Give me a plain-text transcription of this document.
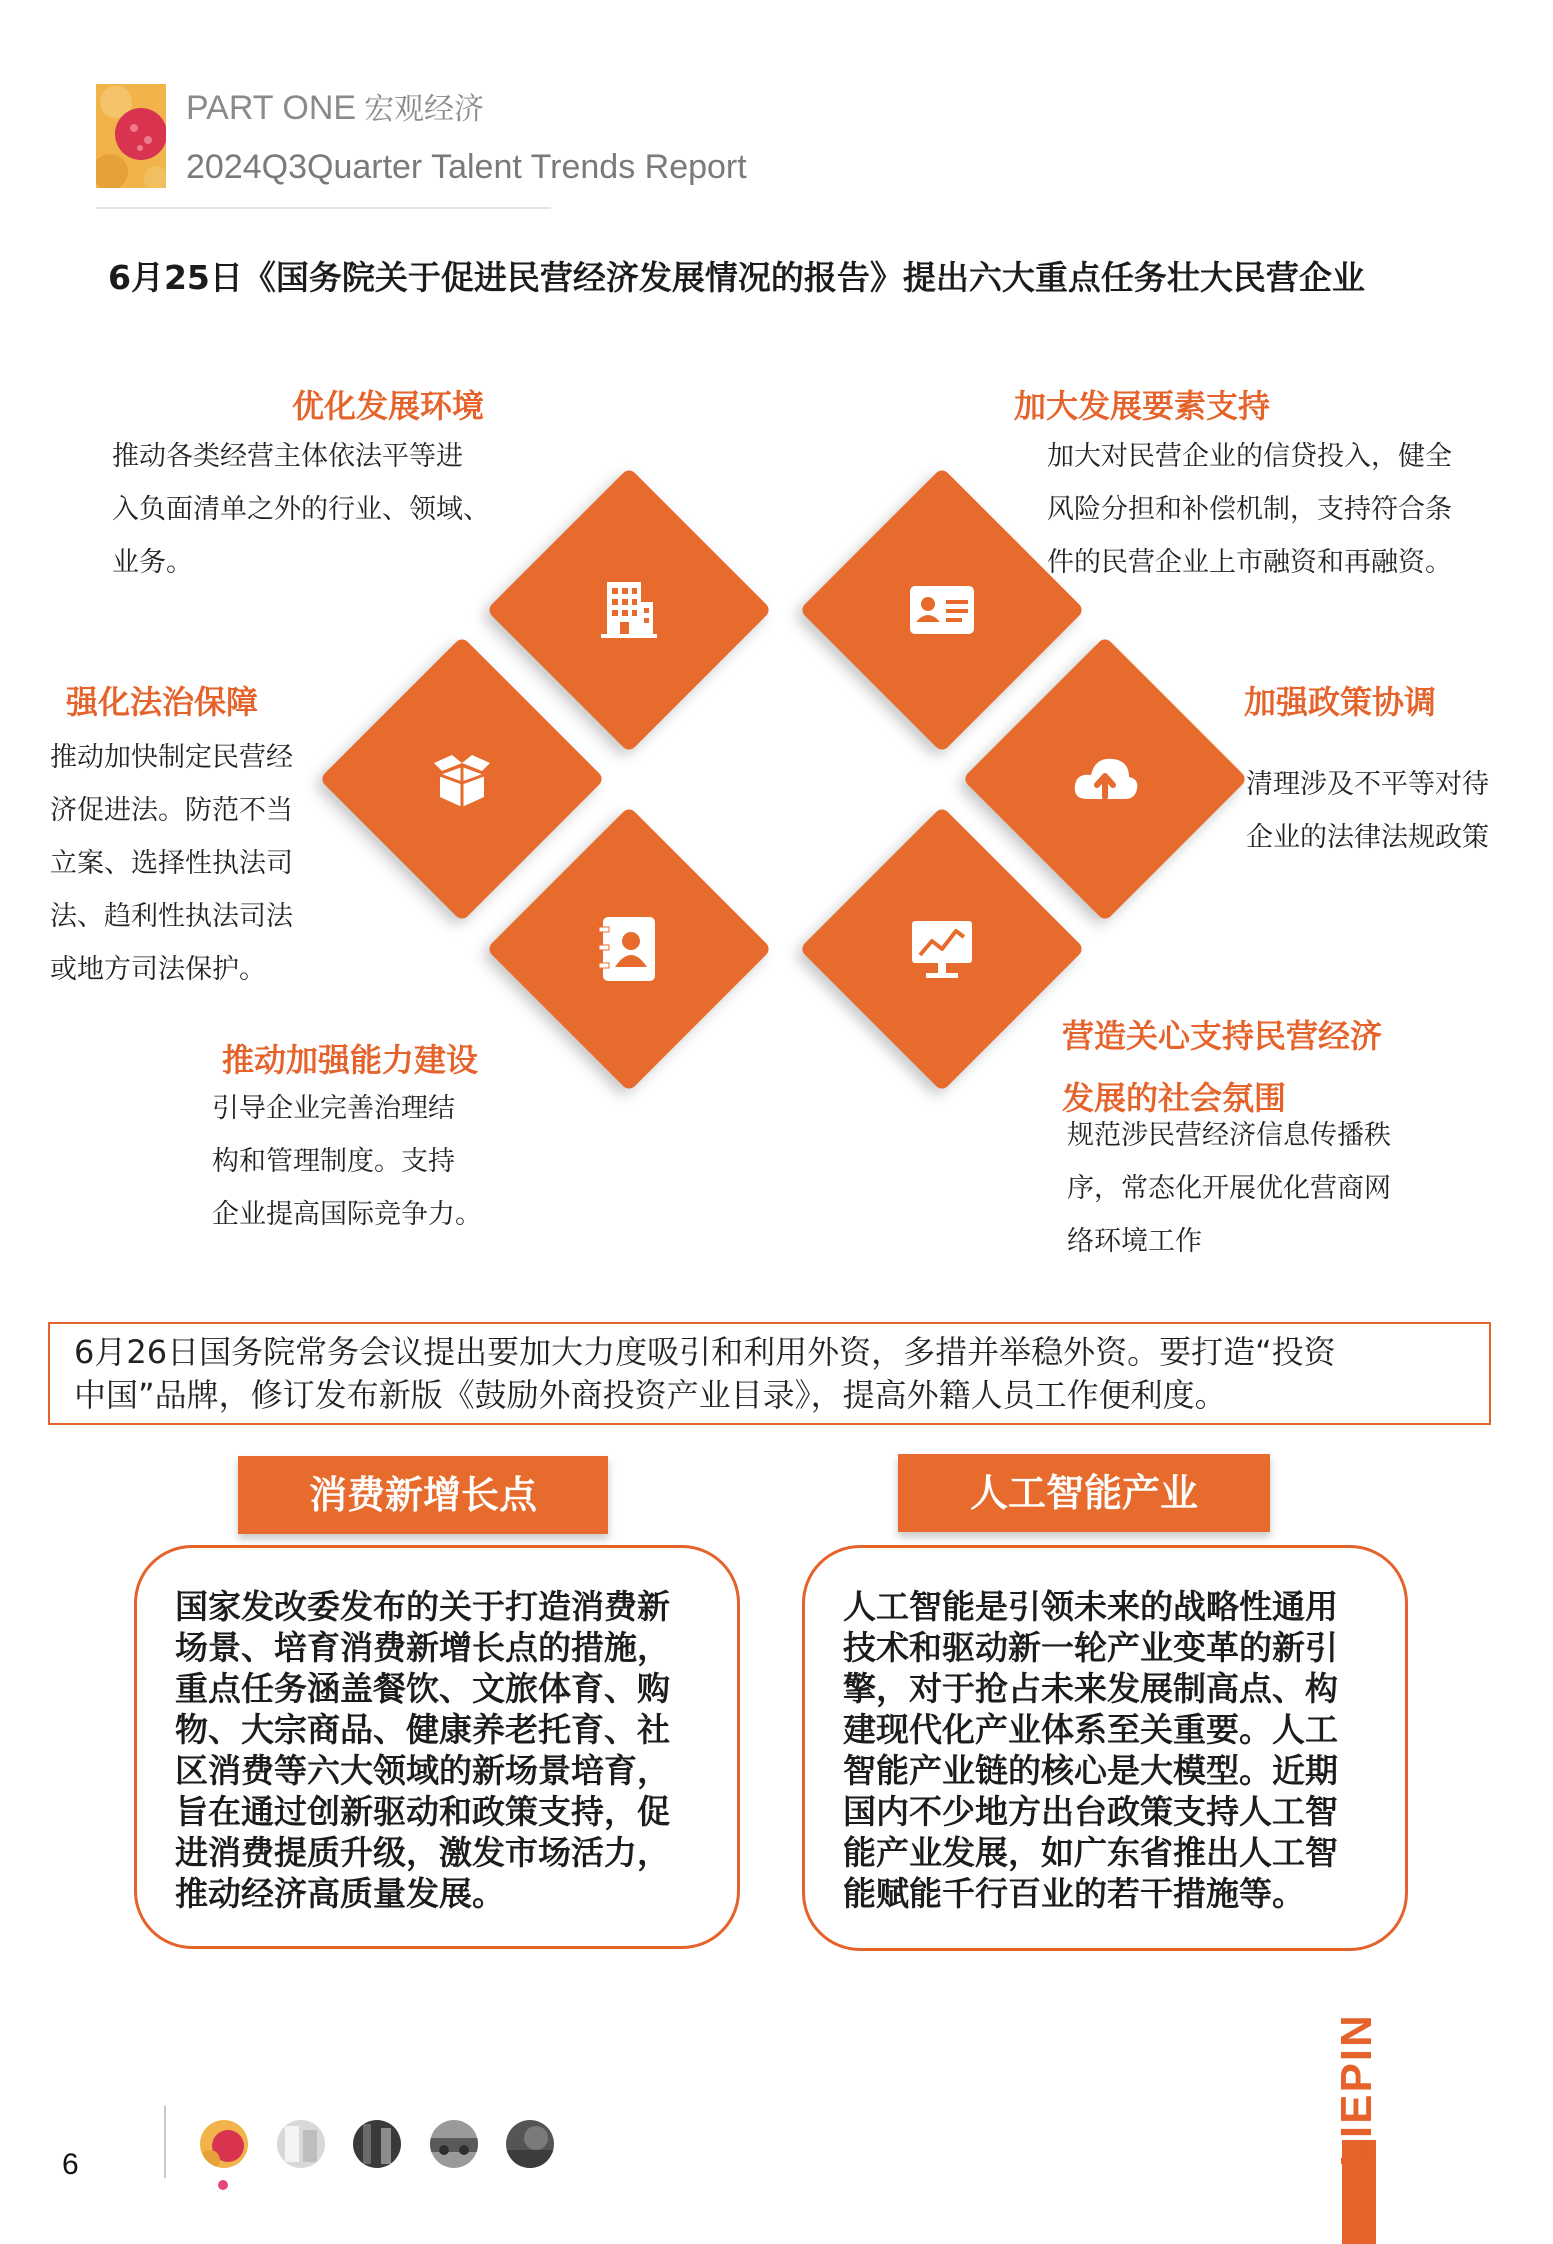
PART ONE 宏观经济
2024Q3Quarter Talent Trends Report
6月25日《国务院关于促进民营经济发展情况的报告》提出六大重点任务壮大民营企业
优化发展环境
推动各类经营主体依法平等进
入负面清单之外的行业、领域、
业务。
加大发展要素支持
加大对民营企业的信贷投入，健全
风险分担和补偿机制，支持符合条
件的民营企业上市融资和再融资。
强化法治保障
推动加快制定民营经
济促进法。防范不当
立案、选择性执法司
法、趋利性执法司法
或地方司法保护。
加强政策协调
清理涉及不平等对待
企业的法律法规政策
推动加强能力建设
引导企业完善治理结
构和管理制度。支持
企业提高国际竞争力。
营造关心支持民营经济
发展的社会氛围
规范涉民营经济信息传播秩
序，常态化开展优化营商网
络环境工作
6月26日国务院常务会议提出要加大力度吸引和利用外资，多措并举稳外资。要打造“投资
中国”品牌，修订发布新版《鼓励外商投资产业目录》，提高外籍人员工作便利度。
消费新增长点	人工智能产业
国家发改委发布的关于打造消费新
场景、培育消费新增长点的措施，
重点任务涵盖餐饮、文旅体育、购
物、大宗商品、健康养老托育、社
区消费等六大领域的新场景培育，
旨在通过创新驱动和政策支持，促
进消费提质升级，激发市场活力，
推动经济高质量发展。
人工智能是引领未来的战略性通用
技术和驱动新一轮产业变革的新引
擎，对于抢占未来发展制高点、构
建现代化产业体系至关重要。人工
智能产业链的核心是大模型。近期
国内不少地方出台政策支持人工智
能产业发展，如广东省推出人工智
能赋能千行百业的若干措施等。
6	LIEPIN
